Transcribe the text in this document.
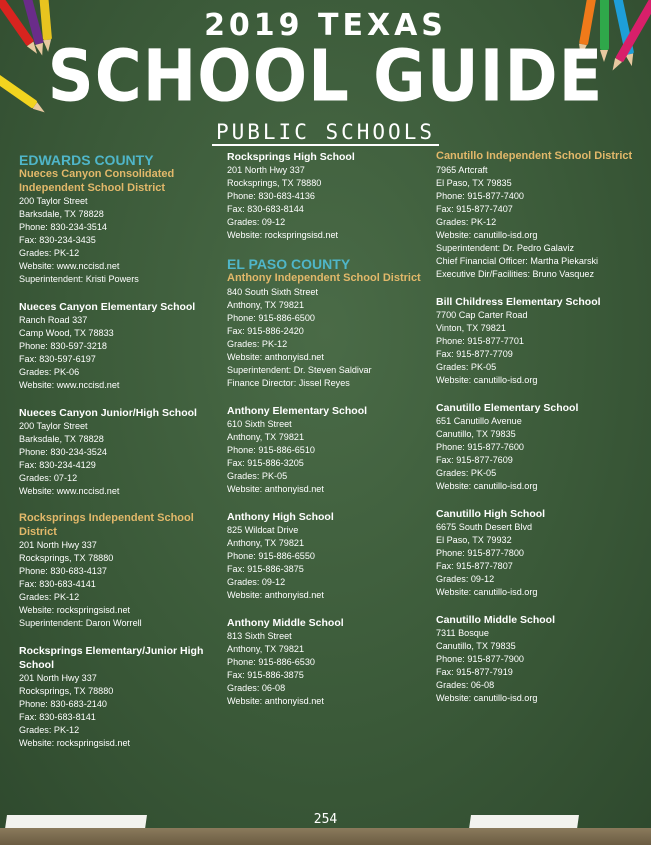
2019 TEXAS
SCHOOL GUIDE
PUBLIC SCHOOLS
EDWARDS COUNTY
Nueces Canyon Consolidated Independent School District
200 Taylor Street
Barksdale, TX 78828
Phone: 830-234-3514
Fax: 830-234-3435
Grades: PK-12
Website: www.nccisd.net
Superintendent: Kristi Powers
Nueces Canyon Elementary School
Ranch Road 337
Camp Wood, TX 78833
Phone: 830-597-3218
Fax: 830-597-6197
Grades: PK-06
Website: www.nccisd.net
Nueces Canyon Junior/High School
200 Taylor Street
Barksdale, TX 78828
Phone: 830-234-3524
Fax: 830-234-4129
Grades: 07-12
Website: www.nccisd.net
Rocksprings Independent School District
201 North Hwy 337
Rocksprings, TX 78880
Phone: 830-683-4137
Fax: 830-683-4141
Grades: PK-12
Website: rockspringsisd.net
Superintendent: Daron Worrell
Rocksprings Elementary/Junior High School
201 North Hwy 337
Rocksprings, TX 78880
Phone: 830-683-2140
Fax: 830-683-8141
Grades: PK-12
Website: rockspringsisd.net
Rocksprings High School
201 North Hwy 337
Rocksprings, TX 78880
Phone: 830-683-4136
Fax: 830-683-8144
Grades: 09-12
Website: rockspringsisd.net
EL PASO COUNTY
Anthony Independent School District
840 South Sixth Street
Anthony, TX 79821
Phone: 915-886-6500
Fax: 915-886-2420
Grades: PK-12
Website: anthonyisd.net
Superintendent: Dr. Steven Saldivar
Finance Director: Jissel Reyes
Anthony Elementary School
610 Sixth Street
Anthony, TX 79821
Phone: 915-886-6510
Fax: 915-886-3205
Grades: PK-05
Website: anthonyisd.net
Anthony High School
825 Wildcat Drive
Anthony, TX 79821
Phone: 915-886-6550
Fax: 915-886-3875
Grades: 09-12
Website: anthonyisd.net
Anthony Middle School
813 Sixth Street
Anthony, TX 79821
Phone: 915-886-6530
Fax: 915-886-3875
Grades: 06-08
Website: anthonyisd.net
Canutillo Independent School District
7965 Artcraft
El Paso, TX 79835
Phone: 915-877-7400
Fax: 915-877-7407
Grades: PK-12
Website: canutillo-isd.org
Superintendent: Dr. Pedro Galaviz
Chief Financial Officer: Martha Piekarski
Executive Dir/Facilities: Bruno Vasquez
Bill Childress Elementary School
7700 Cap Carter Road
Vinton, TX 79821
Phone: 915-877-7701
Fax: 915-877-7709
Grades: PK-05
Website: canutillo-isd.org
Canutillo Elementary School
651 Canutillo Avenue
Canutillo, TX 79835
Phone: 915-877-7600
Fax: 915-877-7609
Grades: PK-05
Website: canutillo-isd.org
Canutillo High School
6675 South Desert Blvd
El Paso, TX 79932
Phone: 915-877-7800
Fax: 915-877-7807
Grades: 09-12
Website: canutillo-isd.org
Canutillo Middle School
7311 Bosque
Canutillo, TX 79835
Phone: 915-877-7900
Fax: 915-877-7919
Grades: 06-08
Website: canutillo-isd.org
254
